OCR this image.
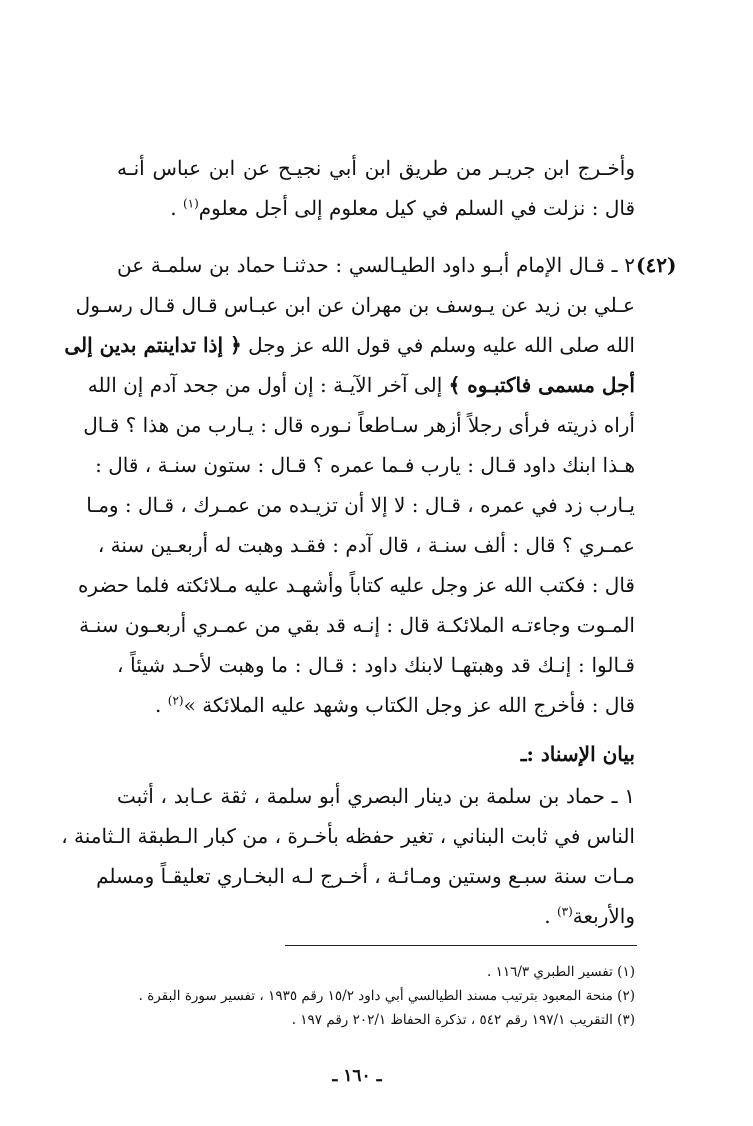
وأخـرج ابن جريـر من طريق ابن أبي نجيـح عن ابن عباس أنـه
قال : نزلت في السلم في كيل معلوم إلى أجل معلوم$^{(١)}$ .
(٤٢)
٢ ـ قـال الإمام أبـو داود الطيـالسي : حدثنـا حماد بن سلمـة عن
عـلي بن زيد عن يـوسف بن مهران عن ابن عبـاس قـال قـال رسـول
الله صلى الله عليه وسلم في قول الله عز وجل ﴿ إذا تداينتم بدين إلى
أجل مسمى فاكتبـوه ﴾ إلى آخر الآيـة : إن أول من جحد آدم إن الله
أراه ذريته فرأى رجلاً أزهر سـاطعاً نـوره قال : يـارب من هذا ؟ قـال
هـذا ابنك داود قـال : يارب فـما عمره ؟ قـال : ستون سنـة ، قال :
يـارب زد في عمره ، قـال : لا إلا أن تزيـده من عمـرك ، قـال : ومـا
عمـري ؟ قال : ألف سنـة ، قال آدم : فقـد وهبت له أربعـين سنة ،
قال : فكتب الله عز وجل عليه كتاباً وأشهـد عليه مـلائكته فلما حضره
المـوت وجاءتـه الملائكـة قال : إنـه قد بقي من عمـري أربعـون سنـة
قـالوا : إنـك قد وهبتهـا لابنك داود : قـال : ما وهبت لأحـد شيئاً ،
قال : فأخرج الله عز وجل الكتاب وشهد عليه الملائكة »$^{(٢)}$ .
بيان الإسناد :ـ
١ ـ حماد بن سلمة بن دينار البصري أبو سلمة ، ثقة عـابد ، أثبت
الناس في ثابت البناني ، تغير حفظه بأخـرة ، من كبار الـطبقة الـثامنة ،
مـات سنة سبـع وستين ومـائـة ، أخـرج لـه البخـاري تعليقـاً ومسلم
والأربعة$^{(٣)}$ .
(١) تفسير الطبري ١١٦/٣ .
(٢) منحة المعبود بترتيب مسند الطيالسي أبي داود ١٥/٢ رقم ١٩٣٥ ، تفسير سورة البقرة .
(٣) التقريب ١٩٧/١ رقم ٥٤٢ ، تذكرة الحفاظ ٢٠٢/١ رقم ١٩٧ .
ـ ١٦٠ ـ
